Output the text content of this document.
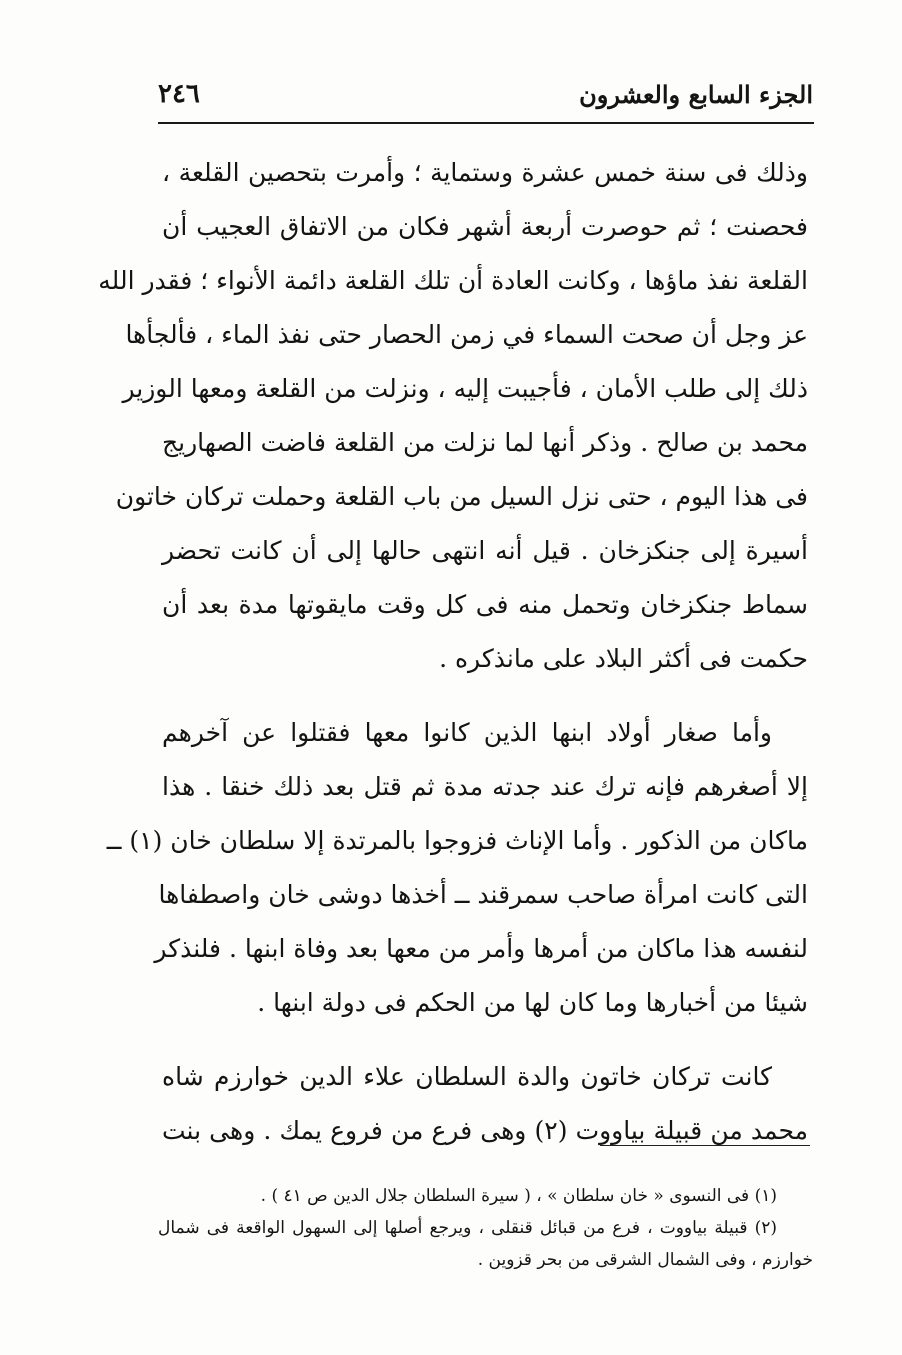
٢٤٦	الجزء السابع والعشرون
وذلك فى سنة خمس عشرة وستماية ؛ وأمرت بتحصين القلعة ،
فحصنت ؛ ثم حوصرت أربعة أشهر فكان من الاتفاق العجيب أن
القلعة نفذ ماؤها ، وكانت العادة أن تلك القلعة دائمة الأنواء ؛ فقدر الله
عز وجل أن صحت السماء في زمن الحصار حتى نفذ الماء ، فألجأها
ذلك إلى طلب الأمان ، فأجيبت إليه ، ونزلت من القلعة ومعها الوزير
محمد بن صالح . وذكر أنها لما نزلت من القلعة فاضت الصهاريج
فى هذا اليوم ، حتى نزل السيل من باب القلعة وحملت تركان خاتون
أسيرة إلى جنكزخان . قيل أنه انتهى حالها إلى أن كانت تحضر
سماط جنكزخان وتحمل منه فى كل وقت مايقوتها مدة بعد أن
حكمت فى أكثر البلاد على مانذكره .
وأما صغار أولاد ابنها الذين كانوا معها فقتلوا عن آخرهم
إلا أصغرهم فإنه ترك عند جدته مدة ثم قتل بعد ذلك خنقا . هذا
ماكان من الذكور . وأما الإناث فزوجوا بالمرتدة إلا سلطان خان (١) ــ
التى كانت امرأة صاحب سمرقند ــ أخذها دوشى خان واصطفاها
لنفسه هذا ماكان من أمرها وأمر من معها بعد وفاة ابنها . فلنذكر
شيئا من أخبارها وما كان لها من الحكم فى دولة ابنها .
كانت تركان خاتون والدة السلطان علاء الدين خوارزم شاه
محمد من قبيلة بياووت (٢) وهى فرع من فروع يمك . وهى بنت
(١) فى النسوى « خان سلطان » ، ( سيرة السلطان جلال الدين ص ٤١ ) .
(٢) قبيلة بياووت ، فرع من قبائل قنقلى ، ويرجع أصلها إلى السهول الواقعة فى شمال
خوارزم ، وفى الشمال الشرقى من بحر قزوين .
